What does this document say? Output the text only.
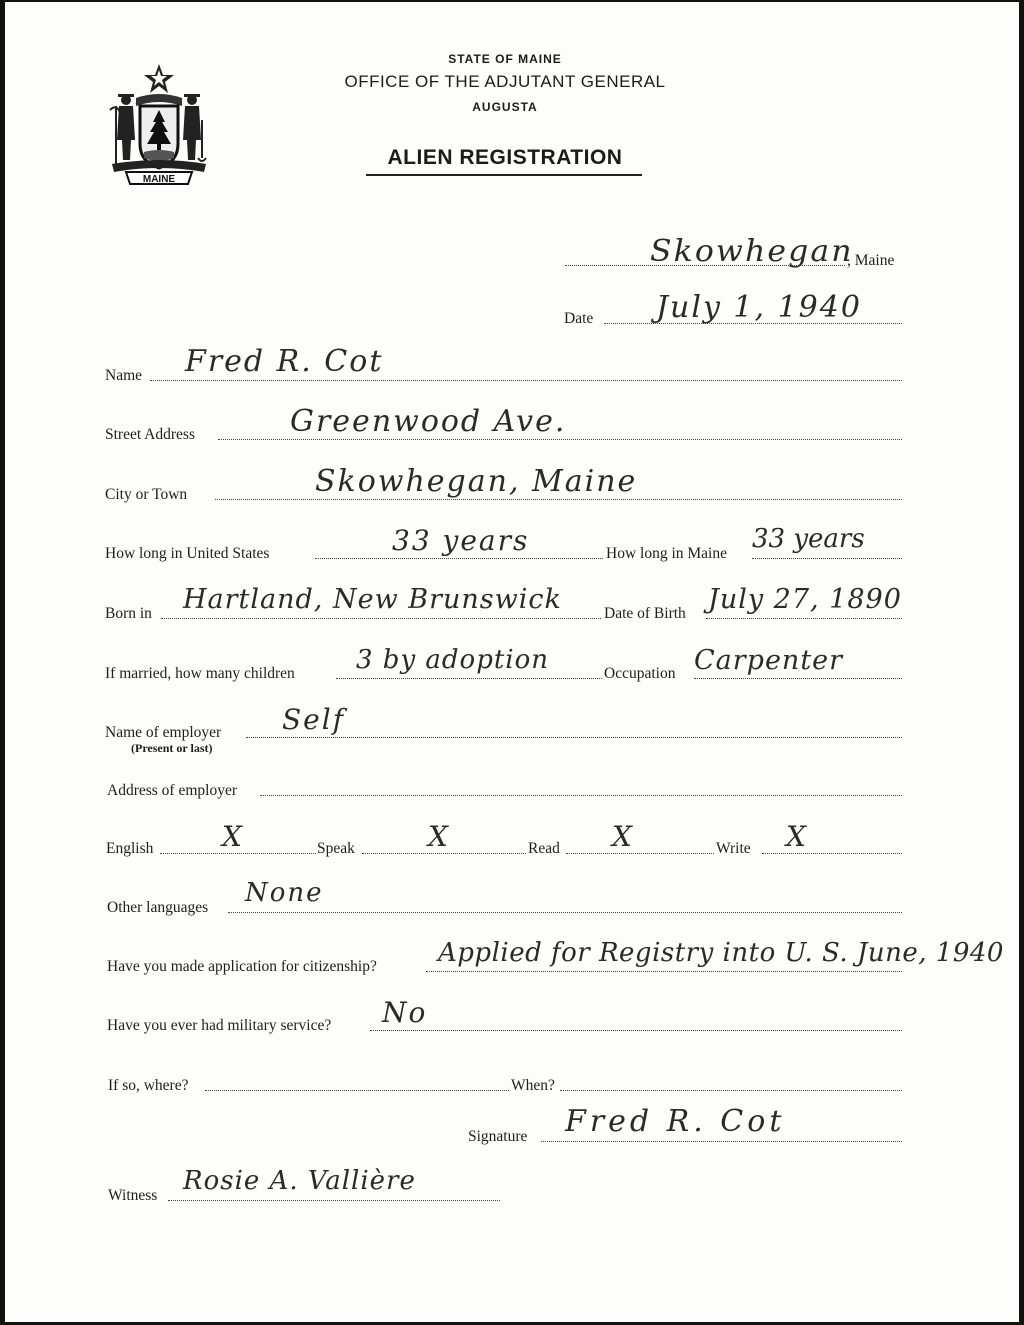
MAINE
STATE OF MAINE
OFFICE OF THE ADJUTANT GENERAL
AUGUSTA
ALIEN REGISTRATION
Skowhegan
, Maine
Date July 1, 1940
Name Fred R. Cot
Street Address	Greenwood Ave.
City or Town	Skowhegan, Maine
How long in United States	33 years	How long in Maine 33 years
Born in Hartland, New Brunswick	Date of Birth July 27, 1890
If married, how many children 3 by adoption	Occupation Carpenter
Name of employer
(Present or last)
Self
Address of employer
English X	Speak	X	Read X	Write X
Other languages None
Have you made application for citizenship? Applied for Registry into U. S. June, 1940
Have you ever had military service? No
If so, where?	When?
Signature Fred R. Cot
Witness Rosie A. Vallière
